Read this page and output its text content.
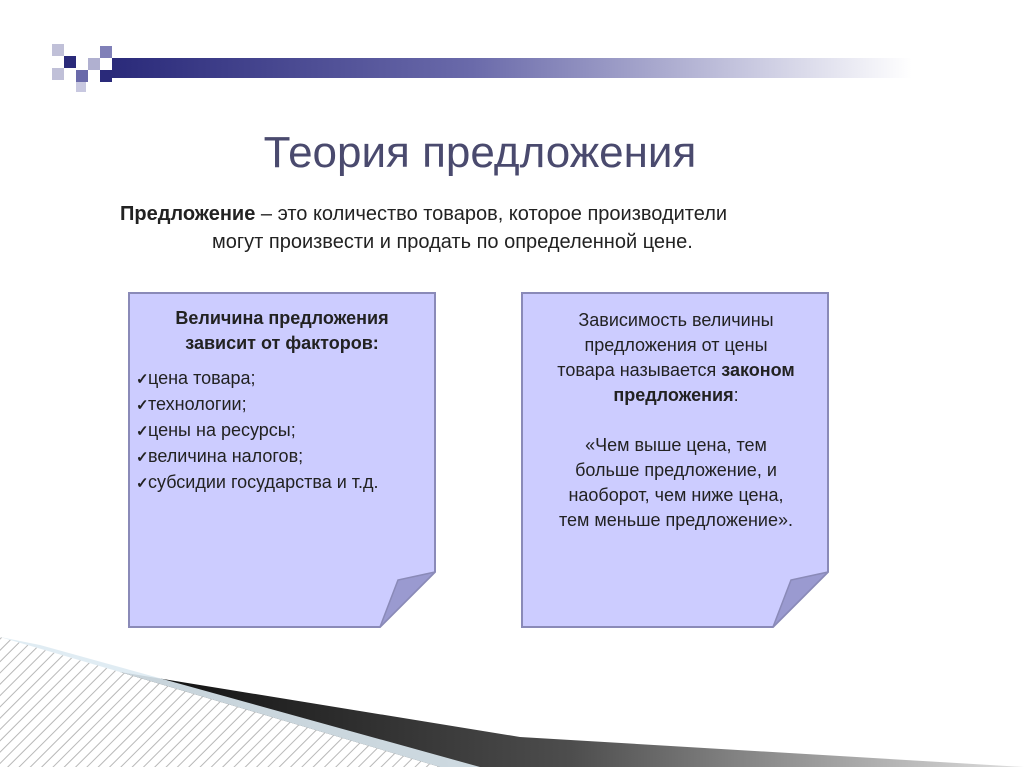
Теория предложения
Предложение – это количество товаров, которое производители
могут произвести и продать по определенной цене.
Величина предложения
зависит от факторов:
✓цена товара;
✓технологии;
✓цены на ресурсы;
✓величина налогов;
✓субсидии государства и т.д.
Зависимость величины
предложения от цены
товара называется законом
предложения:
«Чем выше цена, тем
больше предложение, и
наоборот, чем ниже цена,
тем меньше предложение».
